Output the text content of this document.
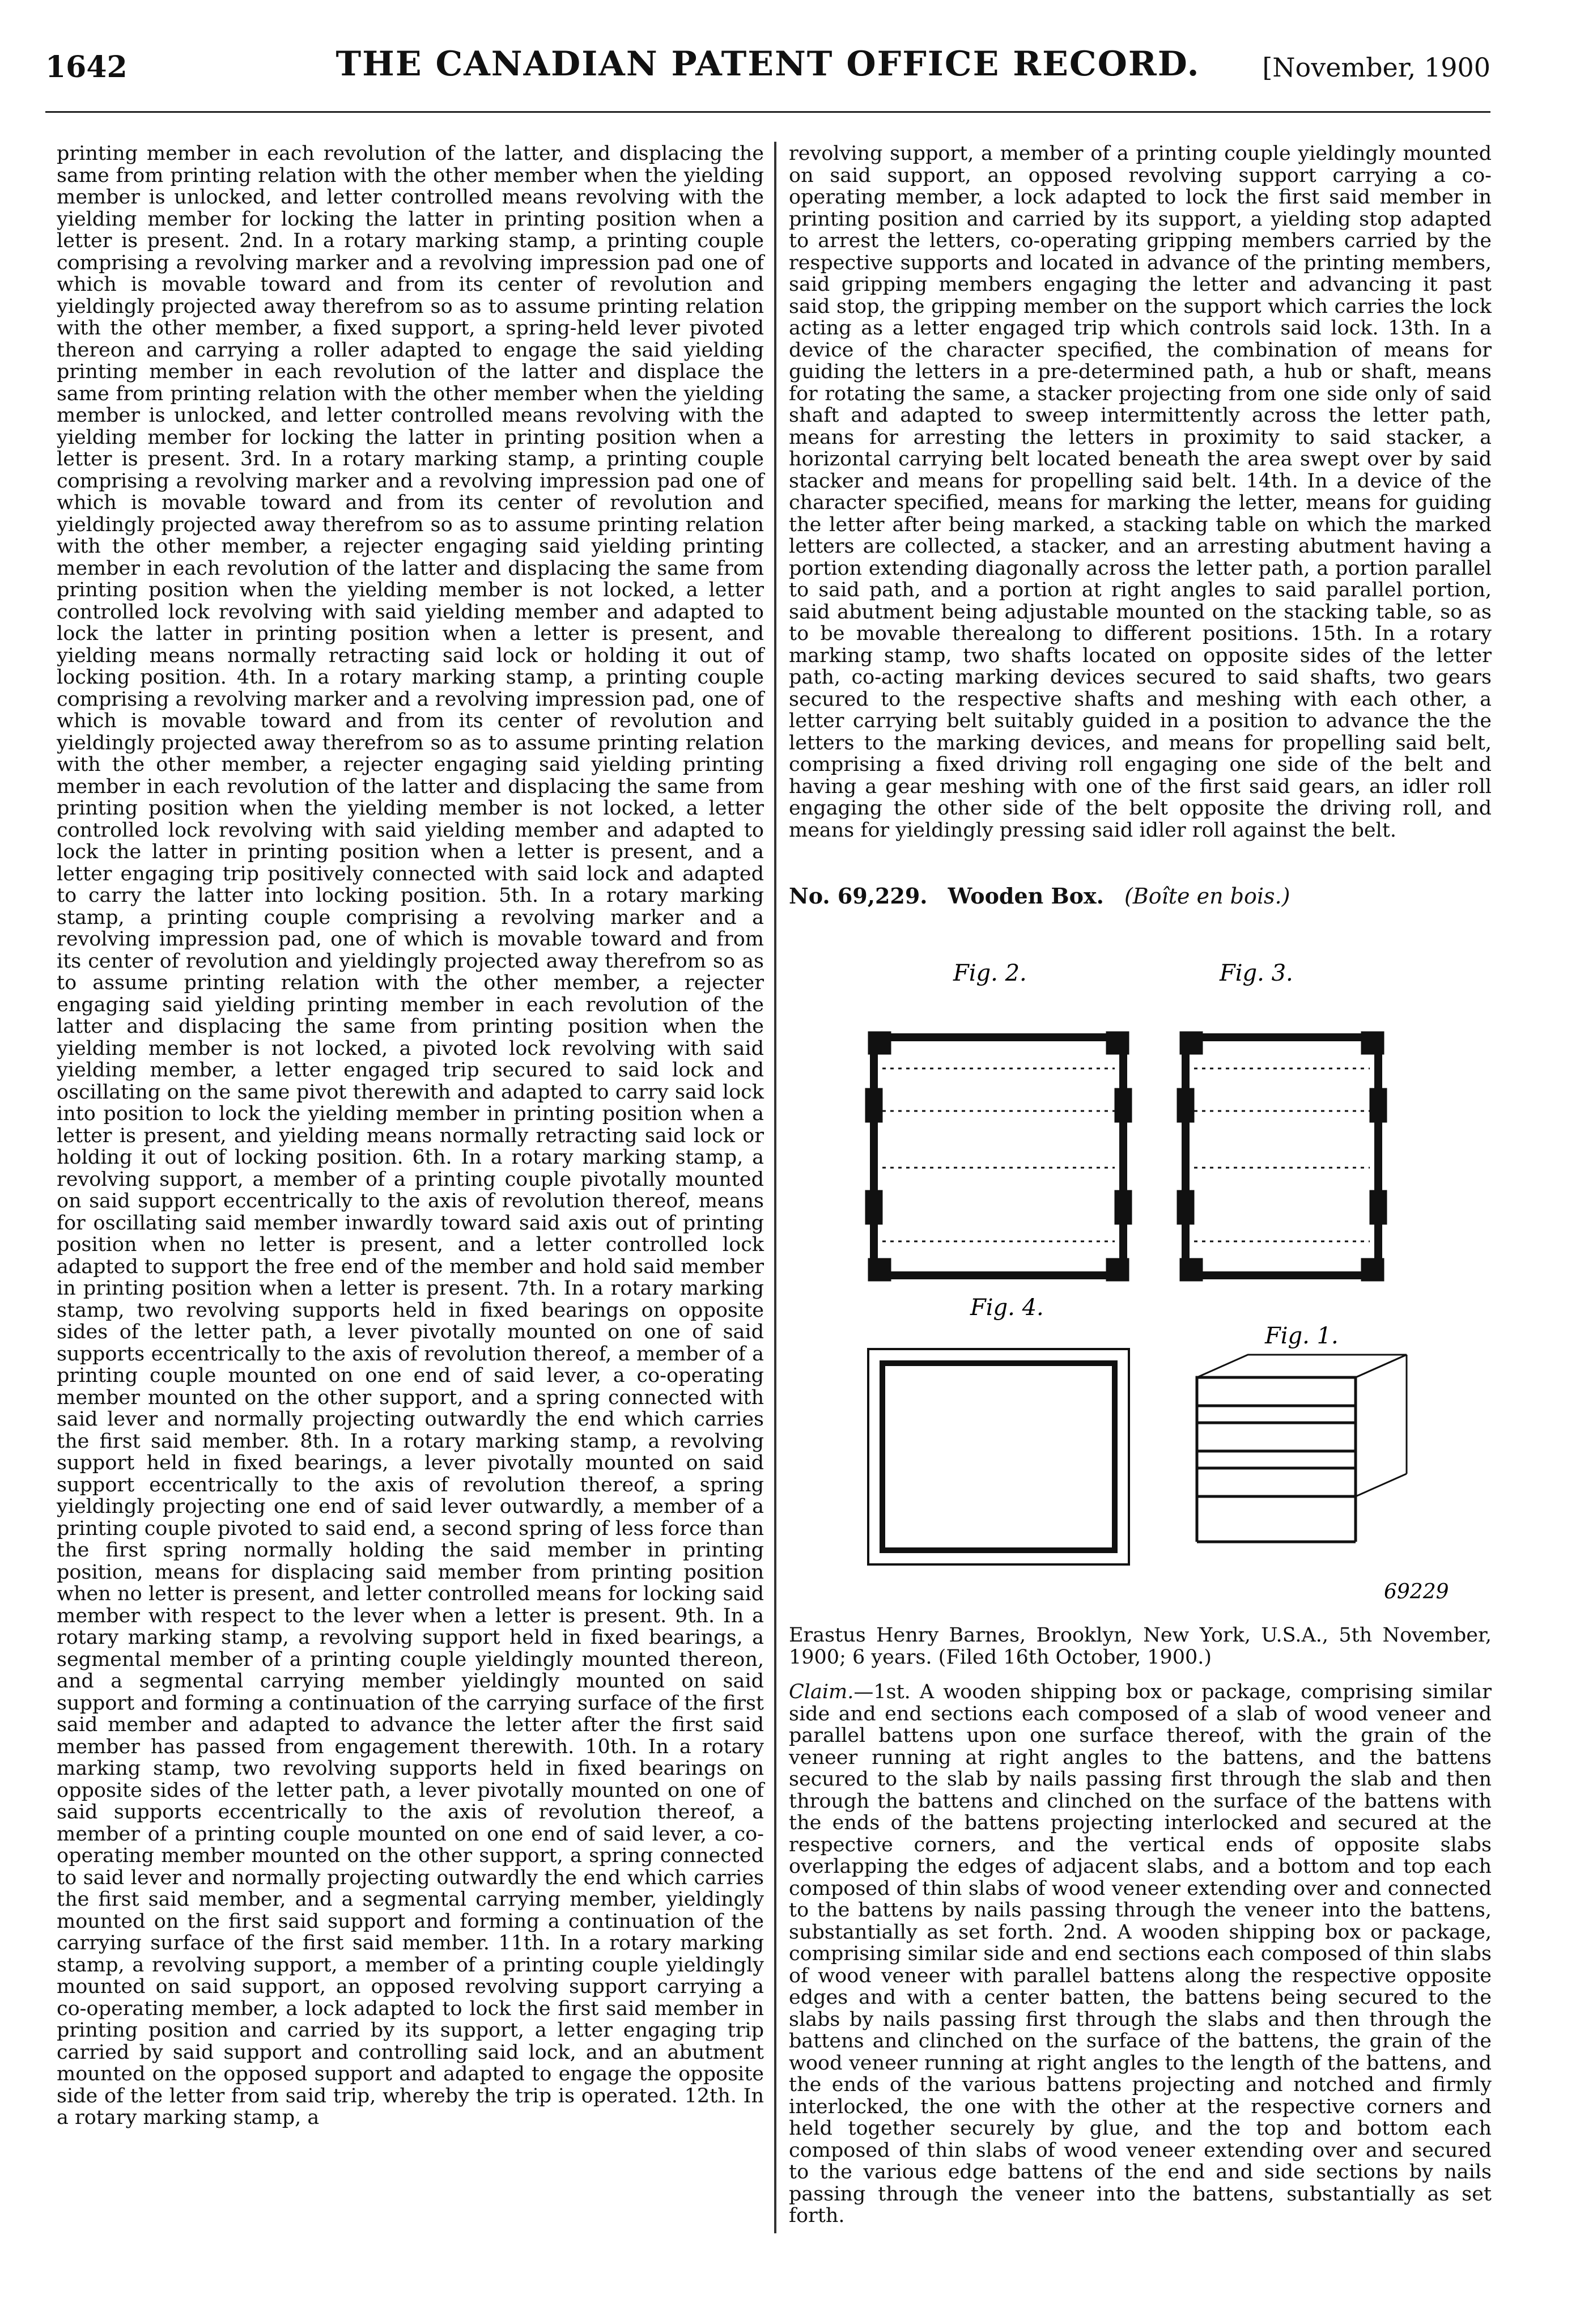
1642	THE CANADIAN PATENT OFFICE RECORD.	[November, 1900

printing member in each revolution of the latter, and displacing the same from printing relation with the other member when the yielding member is unlocked, and letter controlled means revolving with the yielding member for locking the latter in printing position when a letter is present. 2nd. In a rotary marking stamp, a printing couple comprising a revolving marker and a revolving impression pad one of which is movable toward and from its center of revolution and yieldingly projected away therefrom so as to assume printing relation with the other member, a fixed support, a spring-held lever pivoted thereon and carrying a roller adapted to engage the said yielding printing member in each revolution of the latter and displace the same from printing relation with the other member when the yielding member is unlocked, and letter controlled means revolving with the yielding member for locking the latter in printing position when a letter is present. 3rd. In a rotary marking stamp, a printing couple comprising a revolving marker and a revolving impression pad one of which is movable toward and from its center of revolution and yieldingly projected away therefrom so as to assume printing relation with the other member, a rejecter engaging said yielding printing member in each revolution of the latter and displacing the same from printing position when the yielding member is not locked, a letter controlled lock revolving with said yielding member and adapted to lock the latter in printing position when a letter is present, and yielding means normally retracting said lock or holding it out of locking position. 4th. In a rotary marking stamp, a printing couple comprising a revolving marker and a revolving impression pad, one of which is movable toward and from its center of revolution and yieldingly projected away therefrom so as to assume printing relation with the other member, a rejecter engaging said yielding printing member in each revolution of the latter and displacing the same from printing position when the yielding member is not locked, a letter controlled lock revolving with said yielding member and adapted to lock the latter in printing position when a letter is present, and a letter engaging trip positively connected with said lock and adapted to carry the latter into locking position. 5th. In a rotary marking stamp, a printing couple comprising a revolving marker and a revolving impression pad, one of which is movable toward and from its center of revolution and yieldingly projected away therefrom so as to assume printing relation with the other member, a rejecter engaging said yielding printing member in each revolution of the latter and displacing the same from printing position when the yielding member is not locked, a pivoted lock revolving with said yielding member, a letter engaged trip secured to said lock and oscillating on the same pivot therewith and adapted to carry said lock into position to lock the yielding member in printing position when a letter is present, and yielding means normally retracting said lock or holding it out of locking position. 6th. In a rotary marking stamp, a revolving support, a member of a printing couple pivotally mounted on said support eccentrically to the axis of revolution thereof, means for oscillating said member inwardly toward said axis out of printing position when no letter is present, and a letter controlled lock adapted to support the free end of the member and hold said member in printing position when a letter is present. 7th. In a rotary marking stamp, two revolving supports held in fixed bearings on opposite sides of the letter path, a lever pivotally mounted on one of said supports eccentrically to the axis of revolution thereof, a member of a printing couple mounted on one end of said lever, a co-operating member mounted on the other support, and a spring connected with said lever and normally projecting outwardly the end which carries the first said member. 8th. In a rotary marking stamp, a revolving support held in fixed bearings, a lever pivotally mounted on said support eccentrically to the axis of revolution thereof, a spring yieldingly projecting one end of said lever outwardly, a member of a printing couple pivoted to said end, a second spring of less force than the first spring normally holding the said member in printing position, means for displacing said member from printing position when no letter is present, and letter controlled means for locking said member with respect to the lever when a letter is present. 9th. In a rotary marking stamp, a revolving support held in fixed bearings, a segmental member of a printing couple yieldingly mounted thereon, and a segmental carrying member yieldingly mounted on said support and forming a continuation of the carrying surface of the first said member and adapted to advance the letter after the first said member has passed from engagement therewith. 10th. In a rotary marking stamp, two revolving supports held in fixed bearings on opposite sides of the letter path, a lever pivotally mounted on one of said supports eccentrically to the axis of revolution thereof, a member of a printing couple mounted on one end of said lever, a co-operating member mounted on the other support, a spring connected to said lever and normally projecting outwardly the end which carries the first said member, and a segmental carrying member, yieldingly mounted on the first said support and forming a continuation of the carrying surface of the first said member. 11th. In a rotary marking stamp, a revolving support, a member of a printing couple yieldingly mounted on said support, an opposed revolving support carrying a co-operating member, a lock adapted to lock the first said member in printing position and carried by its support, a letter engaging trip carried by said support and controlling said lock, and an abutment mounted on the opposed support and adapted to engage the opposite side of the letter from said trip, whereby the trip is operated. 12th. In a rotary marking stamp, a

revolving support, a member of a printing couple yieldingly mounted on said support, an opposed revolving support carrying a co-operating member, a lock adapted to lock the first said member in printing position and carried by its support, a yielding stop adapted to arrest the letters, co-operating gripping members carried by the respective supports and located in advance of the printing members, said gripping members engaging the letter and advancing it past said stop, the gripping member on the support which carries the lock acting as a letter engaged trip which controls said lock. 13th. In a device of the character specified, the combination of means for guiding the letters in a pre-determined path, a hub or shaft, means for rotating the same, a stacker projecting from one side only of said shaft and adapted to sweep intermittently across the letter path, means for arresting the letters in proximity to said stacker, a horizontal carrying belt located beneath the area swept over by said stacker and means for propelling said belt. 14th. In a device of the character specified, means for marking the letter, means for guiding the letter after being marked, a stacking table on which the marked letters are collected, a stacker, and an arresting abutment having a portion extending diagonally across the letter path, a portion parallel to said path, and a portion at right angles to said parallel portion, said abutment being adjustable mounted on the stacking table, so as to be movable therealong to different positions. 15th. In a rotary marking stamp, two shafts located on opposite sides of the letter path, co-acting marking devices secured to said shafts, two gears secured to the respective shafts and meshing with each other, a letter carrying belt suitably guided in a position to advance the the letters to the marking devices, and means for propelling said belt, comprising a fixed driving roll engaging one side of the belt and having a gear meshing with one of the first said gears, an idler roll engaging the other side of the belt opposite the driving roll, and means for yieldingly pressing said idler roll against the belt.

No. 69,229. Wooden Box. (Boîte en bois.)

Fig. 2.	Fig. 3.
Fig. 4.
Fig. 1.
69229

Erastus Henry Barnes, Brooklyn, New York, U.S.A., 5th November, 1900; 6 years. (Filed 16th October, 1900.)

Claim.—1st. A wooden shipping box or package, comprising similar side and end sections each composed of a slab of wood veneer and parallel battens upon one surface thereof, with the grain of the veneer running at right angles to the battens, and the battens secured to the slab by nails passing first through the slab and then through the battens and clinched on the surface of the battens with the ends of the battens projecting interlocked and secured at the respective corners, and the vertical ends of opposite slabs overlapping the edges of adjacent slabs, and a bottom and top each composed of thin slabs of wood veneer extending over and connected to the battens by nails passing through the veneer into the battens, substantially as set forth. 2nd. A wooden shipping box or package, comprising similar side and end sections each composed of thin slabs of wood veneer with parallel battens along the respective opposite edges and with a center batten, the battens being secured to the slabs by nails passing first through the slabs and then through the battens and clinched on the surface of the battens, the grain of the wood veneer running at right angles to the length of the battens, and the ends of the various battens projecting and notched and firmly interlocked, the one with the other at the respective corners and held together securely by glue, and the top and bottom each composed of thin slabs of wood veneer extending over and secured to the various edge battens of the end and side sections by nails passing through the veneer into the battens, substantially as set forth.
